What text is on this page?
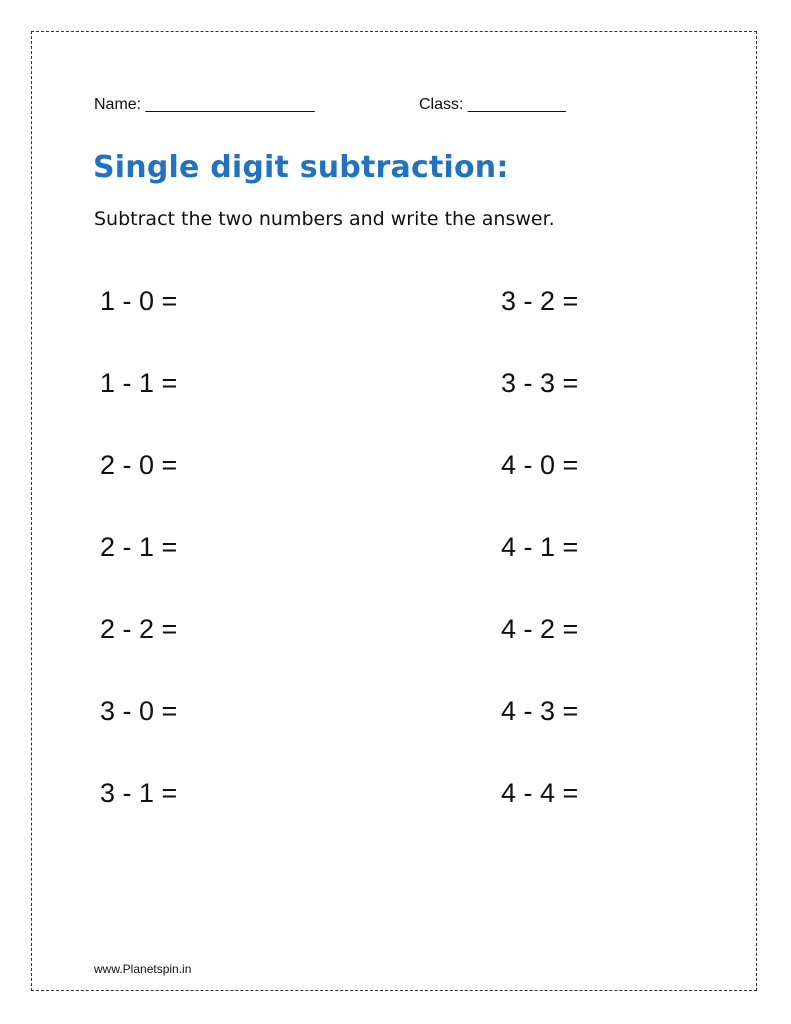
Name: ___________________	Class: ___________
Single digit subtraction:
Subtract the two numbers and write the answer.
1 - 0 =
1 - 1 =
2 - 0 =
2 - 1 =
2 - 2 =
3 - 0 =
3 - 1 =
3 - 2 =
3 - 3 =
4 - 0 =
4 - 1 =
4 - 2 =
4 - 3 =
4 - 4 =
www.Planetspin.in
